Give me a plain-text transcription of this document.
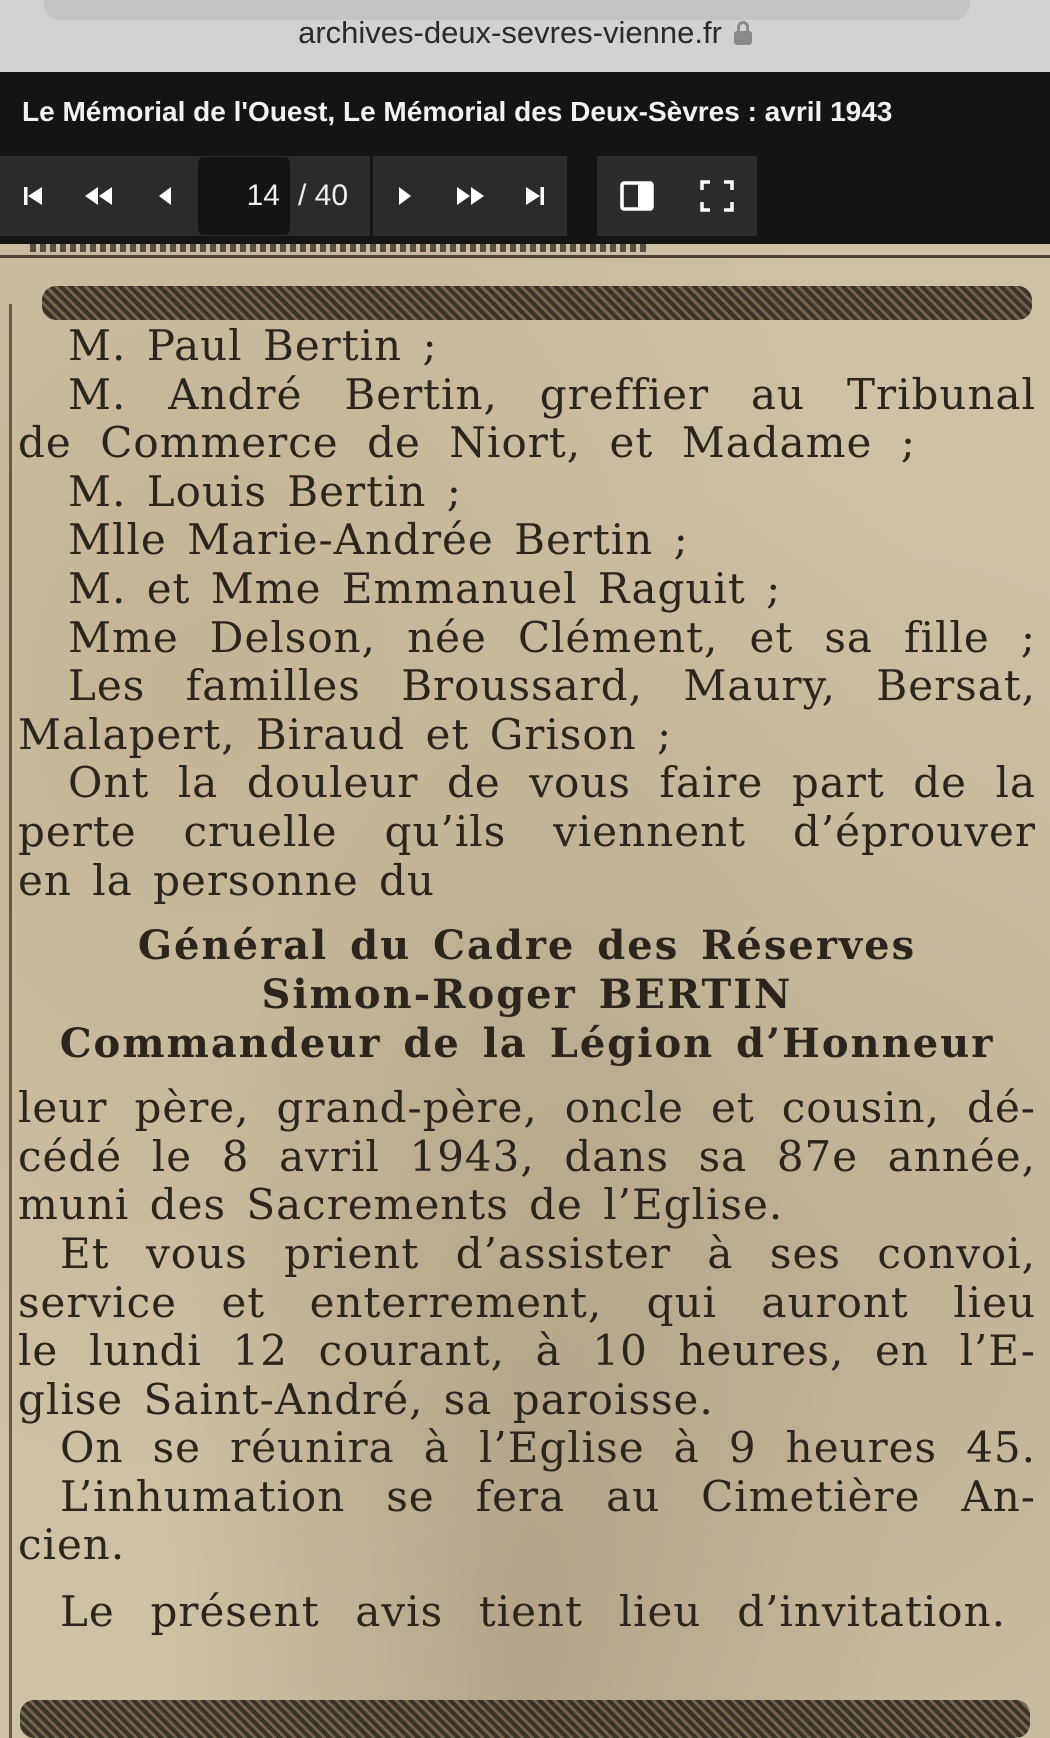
archives-deux-sevres-vienne.fr
Le Mémorial de l'Ouest, Le Mémorial des Deux-Sèvres : avril 1943
14 / 40
M. Paul Bertin ;
M. André Bertin, greffier au Tribunal
de Commerce de Niort, et Madame ;
M. Louis Bertin ;
Mlle Marie-Andrée Bertin ;
M. et Mme Emmanuel Raguit ;
Mme Delson, née Clément, et sa fille ;
Les familles Broussard, Maury, Bersat,
Malapert, Biraud et Grison ;
Ont la douleur de vous faire part de la
perte cruelle qu’ils viennent d’éprouver
en la personne du
Général du Cadre des Réserves
Simon-Roger BERTIN
Commandeur de la Légion d’Honneur
leur père, grand-père, oncle et cousin, dé-
cédé le 8 avril 1943, dans sa 87e année,
muni des Sacrements de l’Eglise.
Et vous prient d’assister à ses convoi,
service et enterrement, qui auront lieu
le lundi 12 courant, à 10 heures, en l’E-
glise Saint-André, sa paroisse.
On se réunira à l’Eglise à 9 heures 45.
L’inhumation se fera au Cimetière An-
cien.
Le présent avis tient lieu d’invitation.
